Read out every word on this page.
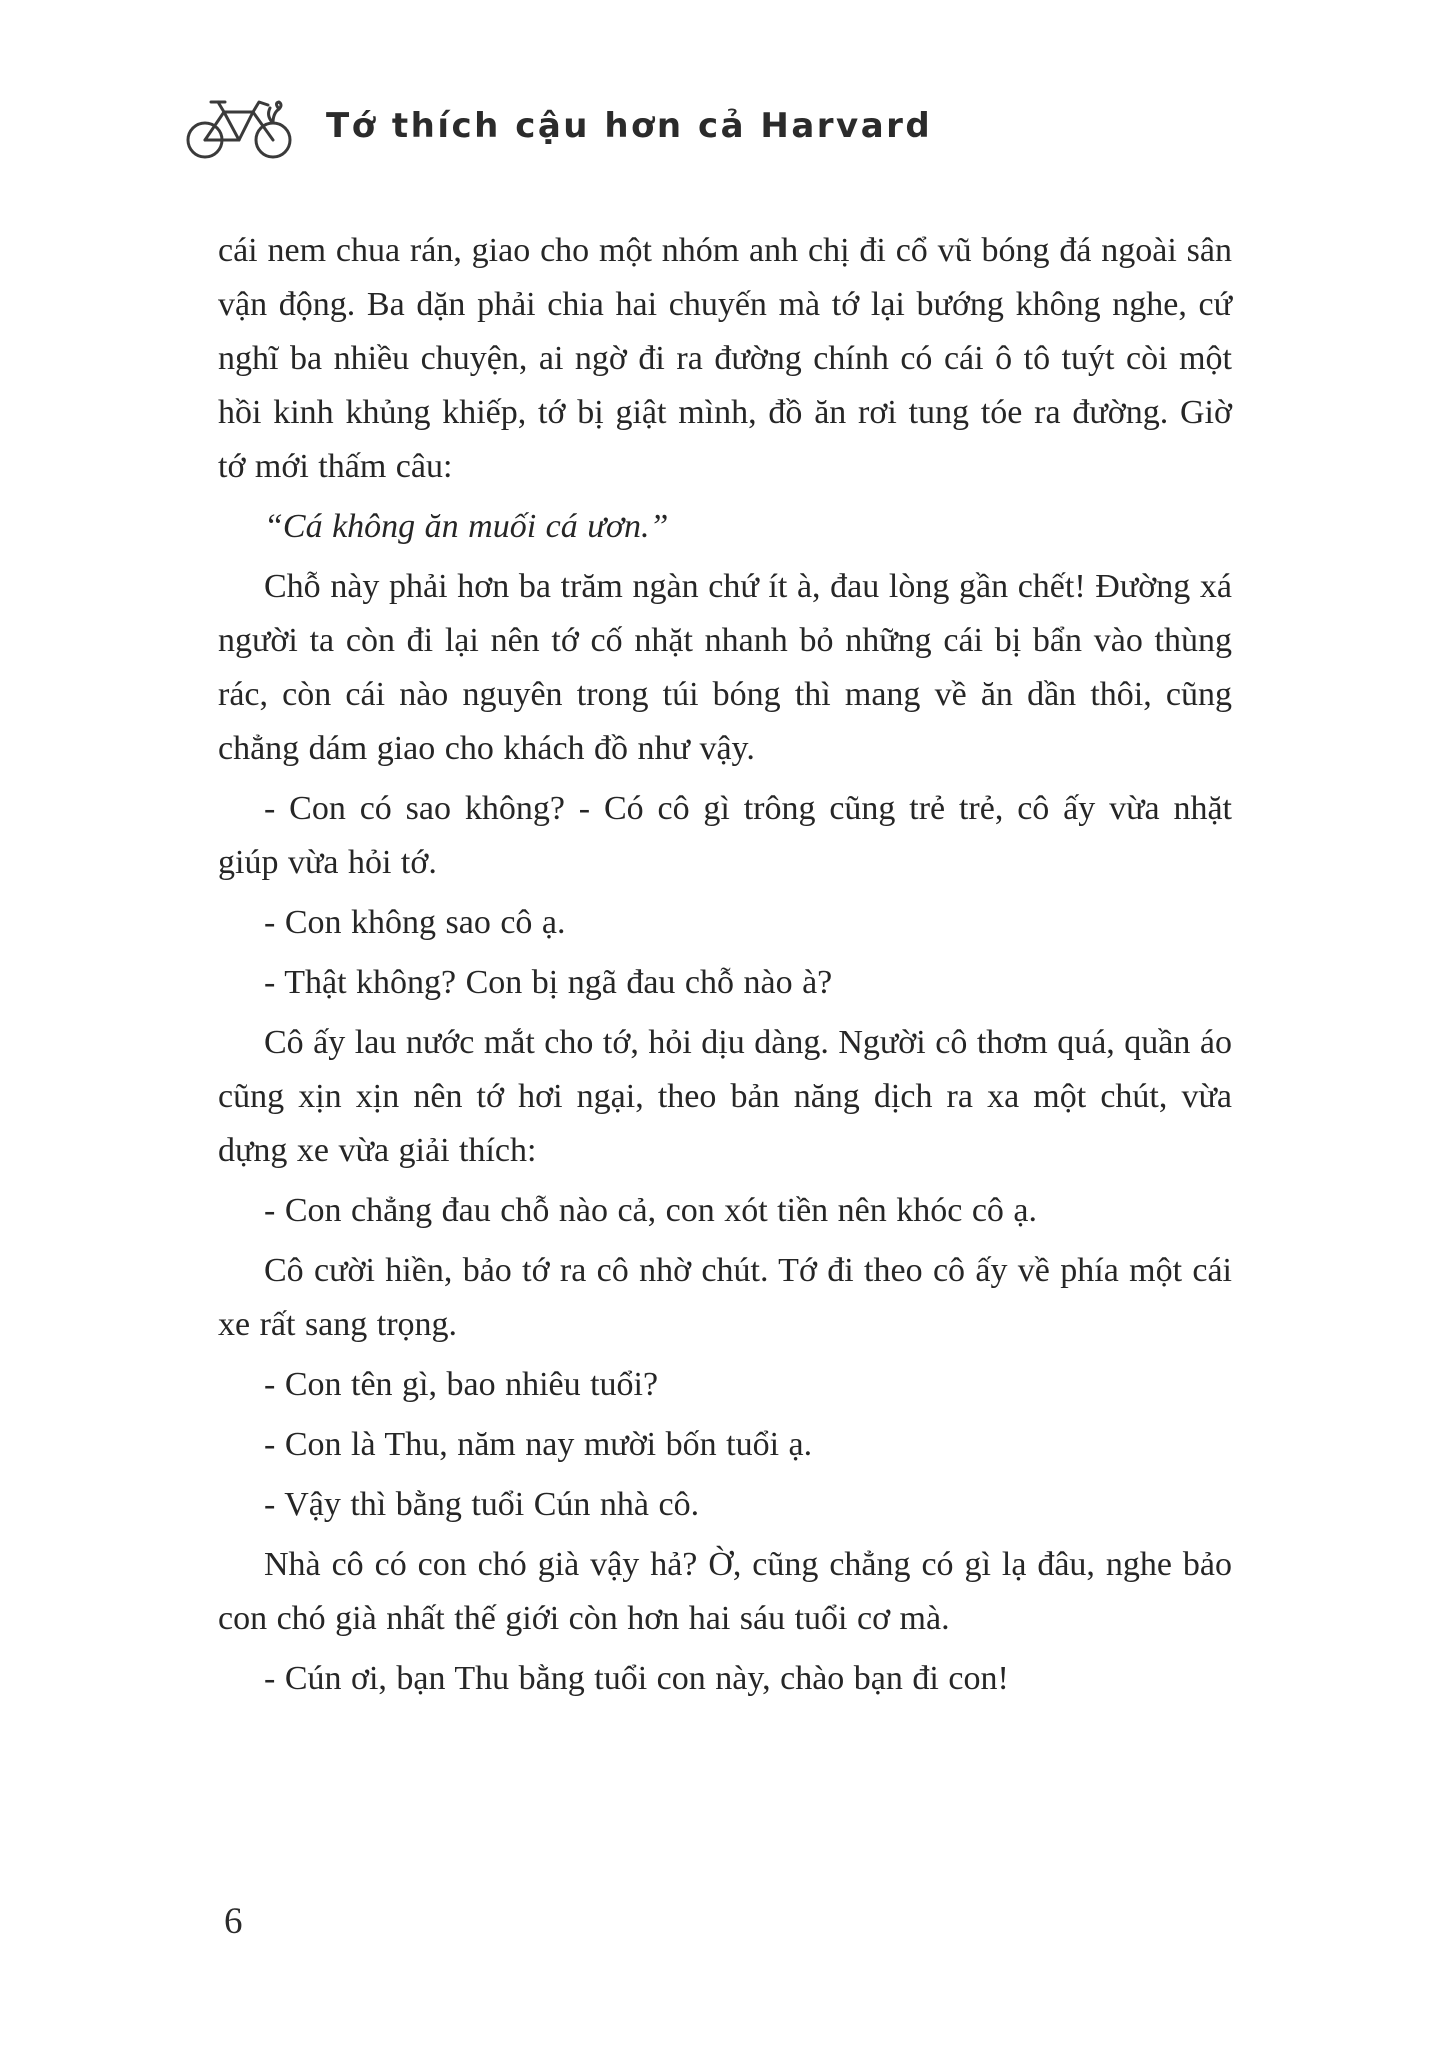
Tớ thích cậu hơn cả Harvard

cái nem chua rán, giao cho một nhóm anh chị đi cổ vũ bóng đá ngoài sân vận động. Ba dặn phải chia hai chuyến mà tớ lại bướng không nghe, cứ nghĩ ba nhiều chuyện, ai ngờ đi ra đường chính có cái ô tô tuýt còi một hồi kinh khủng khiếp, tớ bị giật mình, đồ ăn rơi tung tóe ra đường. Giờ tớ mới thấm câu:

“Cá không ăn muối cá ươn.”

Chỗ này phải hơn ba trăm ngàn chứ ít à, đau lòng gần chết! Đường xá người ta còn đi lại nên tớ cố nhặt nhanh bỏ những cái bị bẩn vào thùng rác, còn cái nào nguyên trong túi bóng thì mang về ăn dần thôi, cũng chẳng dám giao cho khách đồ như vậy.

- Con có sao không? - Có cô gì trông cũng trẻ trẻ, cô ấy vừa nhặt giúp vừa hỏi tớ.

- Con không sao cô ạ.

- Thật không? Con bị ngã đau chỗ nào à?

Cô ấy lau nước mắt cho tớ, hỏi dịu dàng. Người cô thơm quá, quần áo cũng xịn xịn nên tớ hơi ngại, theo bản năng dịch ra xa một chút, vừa dựng xe vừa giải thích:

- Con chẳng đau chỗ nào cả, con xót tiền nên khóc cô ạ.

Cô cười hiền, bảo tớ ra cô nhờ chút. Tớ đi theo cô ấy về phía một cái xe rất sang trọng.

- Con tên gì, bao nhiêu tuổi?

- Con là Thu, năm nay mười bốn tuổi ạ.

- Vậy thì bằng tuổi Cún nhà cô.

Nhà cô có con chó già vậy hả? Ờ, cũng chẳng có gì lạ đâu, nghe bảo con chó già nhất thế giới còn hơn hai sáu tuổi cơ mà.

- Cún ơi, bạn Thu bằng tuổi con này, chào bạn đi con!

6
